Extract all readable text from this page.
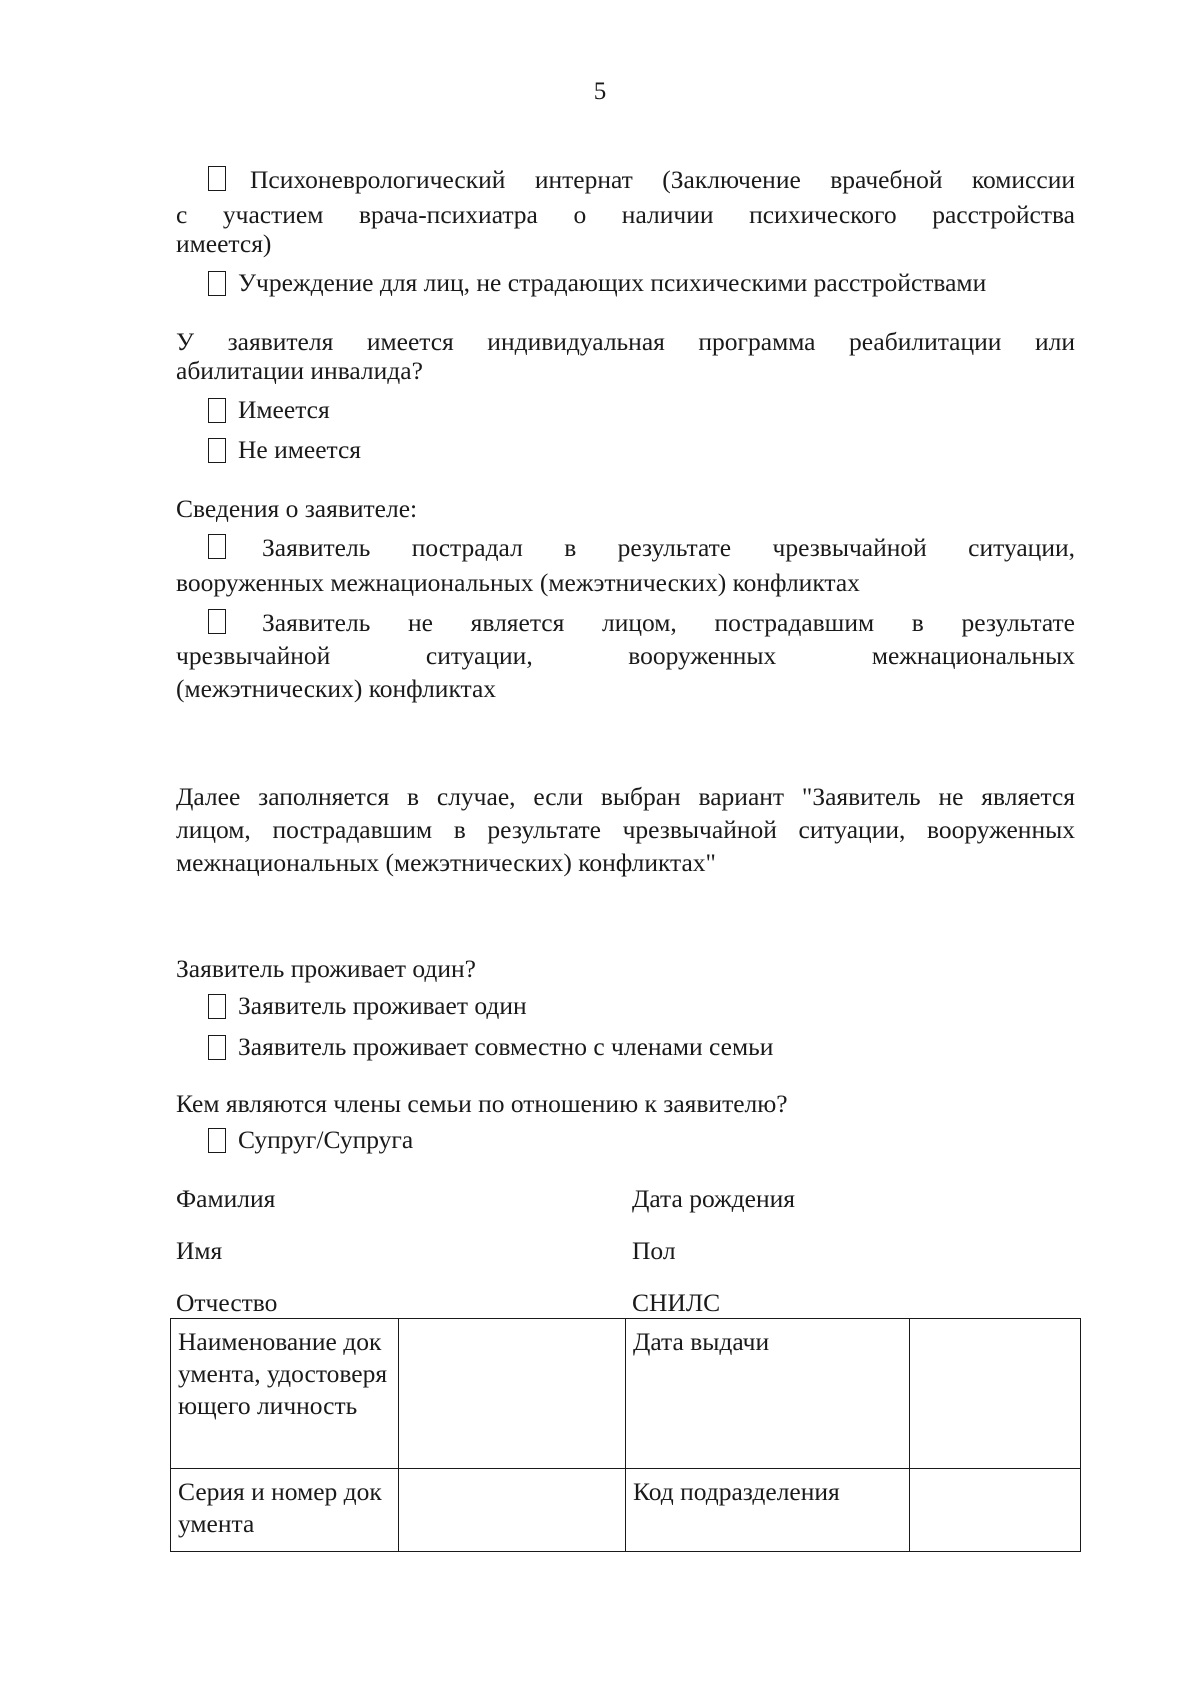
5
Психоневрологический интернат (Заключение врачебной комиссии
с участием врача-психиатра о наличии психического расстройства
имеется)
Учреждение для лиц, не страдающих психическими расстройствами
У заявителя имеется индивидуальная программа реабилитации или
абилитации инвалида?
Имеется
Не имеется
Сведения о заявителе:
Заявитель пострадал в результате чрезвычайной ситуации,
вооруженных межнациональных (межэтнических) конфликтах
Заявитель не является лицом, пострадавшим в результате
чрезвычайной ситуации, вооруженных межнациональных
(межэтнических) конфликтах
Далее заполняется в случае, если выбран вариант "Заявитель не является
лицом, пострадавшим в результате чрезвычайной ситуации, вооруженных
межнациональных (межэтнических) конфликтах"
Заявитель проживает один?
Заявитель проживает один
Заявитель проживает совместно с членами семьи
Кем являются члены семьи по отношению к заявителю?
Супруг/Супруга
Фамилия	Дата рождения
Имя	Пол
Отчество	СНИЛС
Наименование документа, удостоверяющего личность		Дата выдачи	
Серия и номер документа		Код подразделения	
